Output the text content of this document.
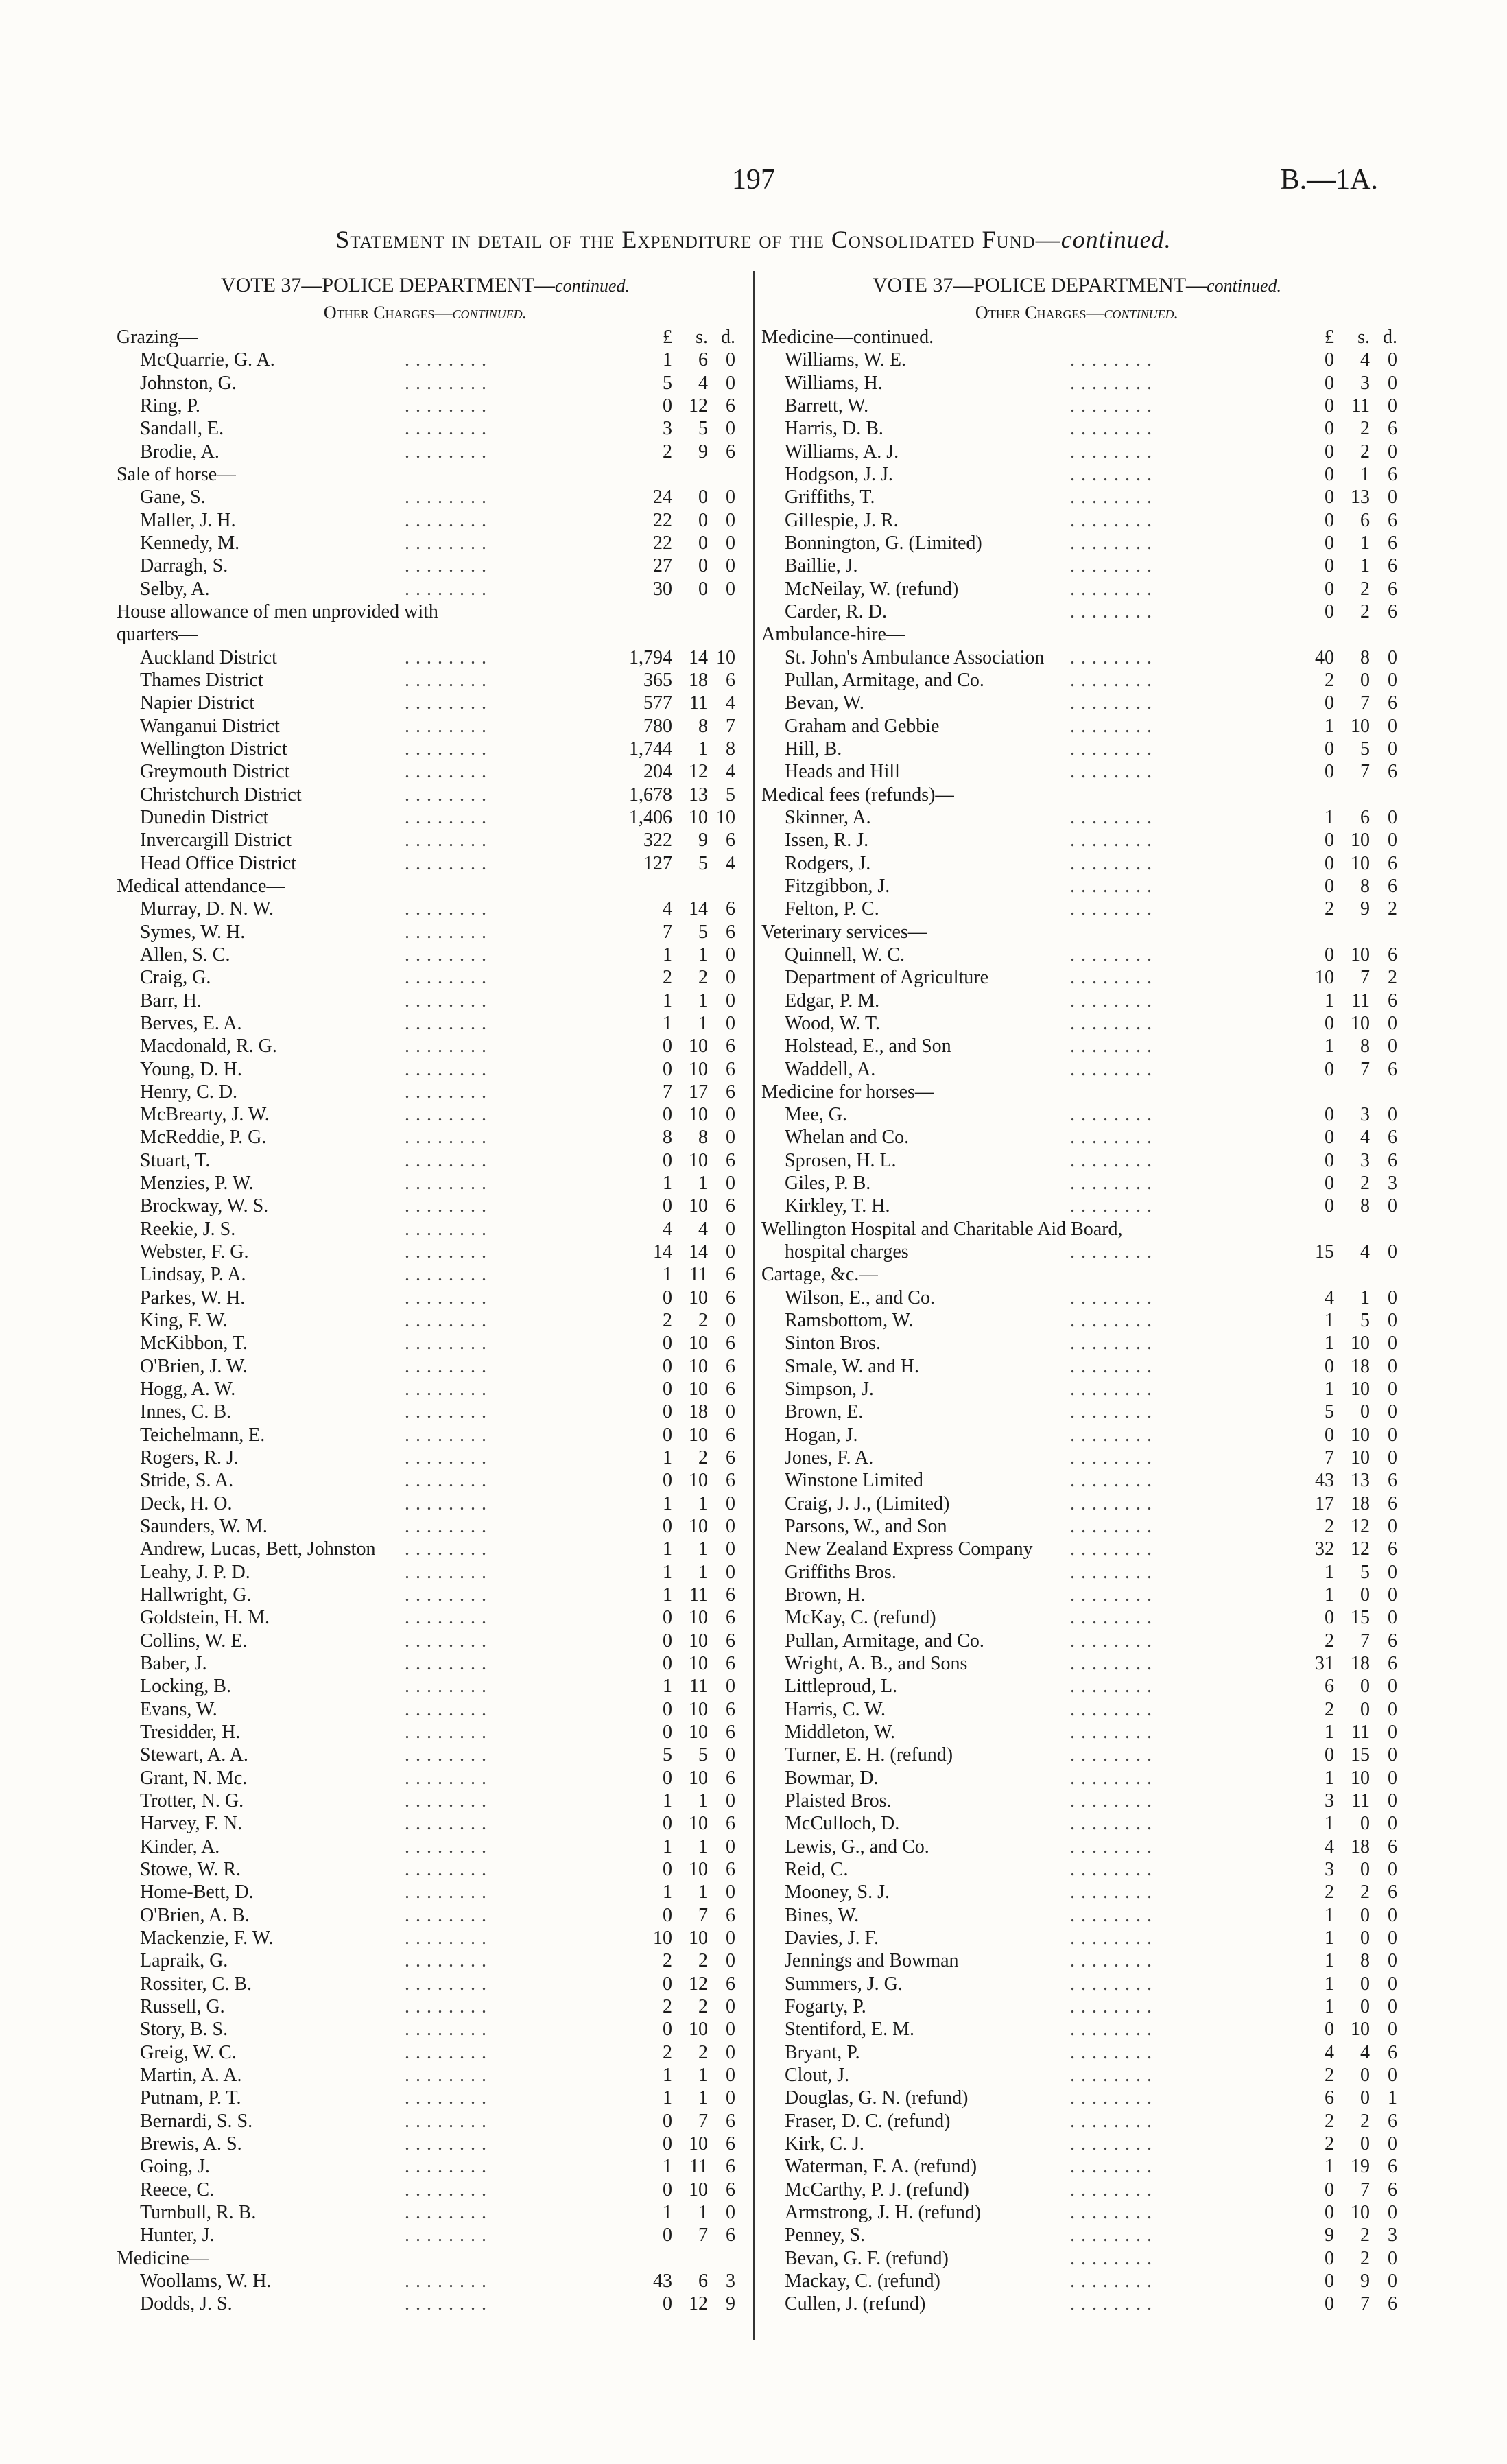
197	B.—1A.
Statement in detail of the Expenditure of the Consolidated Fund—continued.
VOTE 37—POLICE DEPARTMENT—continued.
Other Charges—continued.
Grazing—	£	s. d.
McQuarrie, G. A.	. . . . . . . .	1	6 0
Johnston, G.	. . . . . . . .	5	4 0
Ring, P.	. . . . . . . .	0 12 6
Sandall, E.	. . . . . . . .	3	5 0
Brodie, A.	. . . . . . . .	2	9 6
Sale of horse—
Gane, S.	. . . . . . . .	24	0 0
Maller, J. H.	. . . . . . . .	22	0 0
Kennedy, M.	. . . . . . . .	22	0 0
Darragh, S.	. . . . . . . .	27	0 0
Selby, A.	. . . . . . . .	30	0 0
House allowance of men unprovided with
quarters—
Auckland District	. . . . . . . .	1,794 14 10
Thames District	. . . . . . . .	365 18 6
Napier District	. . . . . . . .	577 11 4
Wanganui District	. . . . . . . .	780	8 7
Wellington District	. . . . . . . .	1,744	1 8
Greymouth District	. . . . . . . .	204 12 4
Christchurch District	. . . . . . . .	1,678 13 5
Dunedin District	. . . . . . . .	1,406 10 10
Invercargill District	. . . . . . . .	322	9 6
Head Office District	. . . . . . . .	127	5 4
Medical attendance—
Murray, D. N. W.	. . . . . . . .	4 14 6
Symes, W. H.	. . . . . . . .	7	5 6
Allen, S. C.	. . . . . . . .	1	1 0
Craig, G.	. . . . . . . .	2	2 0
Barr, H.	. . . . . . . .	1	1 0
Berves, E. A.	. . . . . . . .	1	1 0
Macdonald, R. G.	. . . . . . . .	0 10 6
Young, D. H.	. . . . . . . .	0 10 6
Henry, C. D.	. . . . . . . .	7 17 6
McBrearty, J. W.	. . . . . . . .	0 10 0
McReddie, P. G.	. . . . . . . .	8	8 0
Stuart, T.	. . . . . . . .	0 10 6
Menzies, P. W.	. . . . . . . .	1	1 0
Brockway, W. S.	. . . . . . . .	0 10 6
Reekie, J. S.	. . . . . . . .	4	4 0
Webster, F. G.	. . . . . . . .	14 14 0
Lindsay, P. A.	. . . . . . . .	1 11 6
Parkes, W. H.	. . . . . . . .	0 10 6
King, F. W.	. . . . . . . .	2	2 0
McKibbon, T.	. . . . . . . .	0 10 6
O'Brien, J. W.	. . . . . . . .	0 10 6
Hogg, A. W.	. . . . . . . .	0 10 6
Innes, C. B.	. . . . . . . .	0 18 0
Teichelmann, E.	. . . . . . . .	0 10 6
Rogers, R. J.	. . . . . . . .	1	2 6
Stride, S. A.	. . . . . . . .	0 10 6
Deck, H. O.	. . . . . . . .	1	1 0
Saunders, W. M.	. . . . . . . .	0 10 0
Andrew, Lucas, Bett, Johnston . . . . . . . .	1	1 0
Leahy, J. P. D.	. . . . . . . .	1	1 0
Hallwright, G.	. . . . . . . .	1 11 6
Goldstein, H. M.	. . . . . . . .	0 10 6
Collins, W. E.	. . . . . . . .	0 10 6
Baber, J.	. . . . . . . .	0 10 6
Locking, B.	. . . . . . . .	1 11 0
Evans, W.	. . . . . . . .	0 10 6
Tresidder, H.	. . . . . . . .	0 10 6
Stewart, A. A.	. . . . . . . .	5	5 0
Grant, N. Mc.	. . . . . . . .	0 10 6
Trotter, N. G.	. . . . . . . .	1	1 0
Harvey, F. N.	. . . . . . . .	0 10 6
Kinder, A.	. . . . . . . .	1	1 0
Stowe, W. R.	. . . . . . . .	0 10 6
Home-Bett, D.	. . . . . . . .	1	1 0
O'Brien, A. B.	. . . . . . . .	0	7 6
Mackenzie, F. W.	. . . . . . . .	10 10 0
Lapraik, G.	. . . . . . . .	2	2 0
Rossiter, C. B.	. . . . . . . .	0 12 6
Russell, G.	. . . . . . . .	2	2 0
Story, B. S.	. . . . . . . .	0 10 0
Greig, W. C.	. . . . . . . .	2	2 0
Martin, A. A.	. . . . . . . .	1	1 0
Putnam, P. T.	. . . . . . . .	1	1 0
Bernardi, S. S.	. . . . . . . .	0	7 6
Brewis, A. S.	. . . . . . . .	0 10 6
Going, J.	. . . . . . . .	1 11 6
Reece, C.	. . . . . . . .	0 10 6
Turnbull, R. B.	. . . . . . . .	1	1 0
Hunter, J.	. . . . . . . .	0	7 6
Medicine—
Woollams, W. H.	. . . . . . . .	43	6 3
Dodds, J. S.	. . . . . . . .	0 12 9
VOTE 37—POLICE DEPARTMENT—continued.
Other Charges—continued.
Medicine—continued.	£	s. d.
Williams, W. E.	. . . . . . . .	0	4 0
Williams, H.	. . . . . . . .	0	3 0
Barrett, W.	. . . . . . . .	0 11 0
Harris, D. B.	. . . . . . . .	0	2 6
Williams, A. J.	. . . . . . . .	0	2 0
Hodgson, J. J.	. . . . . . . .	0	1 6
Griffiths, T.	. . . . . . . .	0 13 0
Gillespie, J. R.	. . . . . . . .	0	6 6
Bonnington, G. (Limited)	. . . . . . . .	0	1 6
Baillie, J.	. . . . . . . .	0	1 6
McNeilay, W. (refund)	. . . . . . . .	0	2 6
Carder, R. D.	. . . . . . . .	0	2 6
Ambulance-hire—
St. John's Ambulance Association . . . . . . . .	40	8 0
Pullan, Armitage, and Co.	. . . . . . . .	2	0 0
Bevan, W.	. . . . . . . .	0	7 6
Graham and Gebbie	. . . . . . . .	1 10 0
Hill, B.	. . . . . . . .	0	5 0
Heads and Hill	. . . . . . . .	0	7 6
Medical fees (refunds)—
Skinner, A.	. . . . . . . .	1	6 0
Issen, R. J.	. . . . . . . .	0 10 0
Rodgers, J.	. . . . . . . .	0 10 6
Fitzgibbon, J.	. . . . . . . .	0	8 6
Felton, P. C.	. . . . . . . .	2	9 2
Veterinary services—
Quinnell, W. C.	. . . . . . . .	0 10 6
Department of Agriculture	. . . . . . . .	10	7 2
Edgar, P. M.	. . . . . . . .	1 11 6
Wood, W. T.	. . . . . . . .	0 10 0
Holstead, E., and Son	. . . . . . . .	1	8 0
Waddell, A.	. . . . . . . .	0	7 6
Medicine for horses—
Mee, G.	. . . . . . . .	0	3 0
Whelan and Co.	. . . . . . . .	0	4 6
Sprosen, H. L.	. . . . . . . .	0	3 6
Giles, P. B.	. . . . . . . .	0	2 3
Kirkley, T. H.	. . . . . . . .	0	8 0
Wellington Hospital and Charitable Aid Board,
hospital charges	. . . . . . . .	15	4 0
Cartage, &c.—
Wilson, E., and Co.	. . . . . . . .	4	1 0
Ramsbottom, W.	. . . . . . . .	1	5 0
Sinton Bros.	. . . . . . . .	1 10 0
Smale, W. and H.	. . . . . . . .	0 18 0
Simpson, J.	. . . . . . . .	1 10 0
Brown, E.	. . . . . . . .	5	0 0
Hogan, J.	. . . . . . . .	0 10 0
Jones, F. A.	. . . . . . . .	7 10 0
Winstone Limited	. . . . . . . .	43 13 6
Craig, J. J., (Limited)	. . . . . . . .	17 18 6
Parsons, W., and Son	. . . . . . . .	2 12 0
New Zealand Express Company . . . . . . . .	32 12 6
Griffiths Bros.	. . . . . . . .	1	5 0
Brown, H.	. . . . . . . .	1	0 0
McKay, C. (refund)	. . . . . . . .	0 15 0
Pullan, Armitage, and Co.	. . . . . . . .	2	7 6
Wright, A. B., and Sons	. . . . . . . .	31 18 6
Littleproud, L.	. . . . . . . .	6	0 0
Harris, C. W.	. . . . . . . .	2	0 0
Middleton, W.	. . . . . . . .	1 11 0
Turner, E. H. (refund)	. . . . . . . .	0 15 0
Bowmar, D.	. . . . . . . .	1 10 0
Plaisted Bros.	. . . . . . . .	3 11 0
McCulloch, D.	. . . . . . . .	1	0 0
Lewis, G., and Co.	. . . . . . . .	4 18 6
Reid, C.	. . . . . . . .	3	0 0
Mooney, S. J.	. . . . . . . .	2	2 6
Bines, W.	. . . . . . . .	1	0 0
Davies, J. F.	. . . . . . . .	1	0 0
Jennings and Bowman	. . . . . . . .	1	8 0
Summers, J. G.	. . . . . . . .	1	0 0
Fogarty, P.	. . . . . . . .	1	0 0
Stentiford, E. M.	. . . . . . . .	0 10 0
Bryant, P.	. . . . . . . .	4	4 6
Clout, J.	. . . . . . . .	2	0 0
Douglas, G. N. (refund)	. . . . . . . .	6	0 1
Fraser, D. C. (refund)	. . . . . . . .	2	2 6
Kirk, C. J.	. . . . . . . .	2	0 0
Waterman, F. A. (refund)	. . . . . . . .	1 19 6
McCarthy, P. J. (refund)	. . . . . . . .	0	7 6
Armstrong, J. H. (refund)	. . . . . . . .	0 10 0
Penney, S.	. . . . . . . .	9	2 3
Bevan, G. F. (refund)	. . . . . . . .	0	2 0
Mackay, C. (refund)	. . . . . . . .	0	9 0
Cullen, J. (refund)	. . . . . . . .	0	7 6
